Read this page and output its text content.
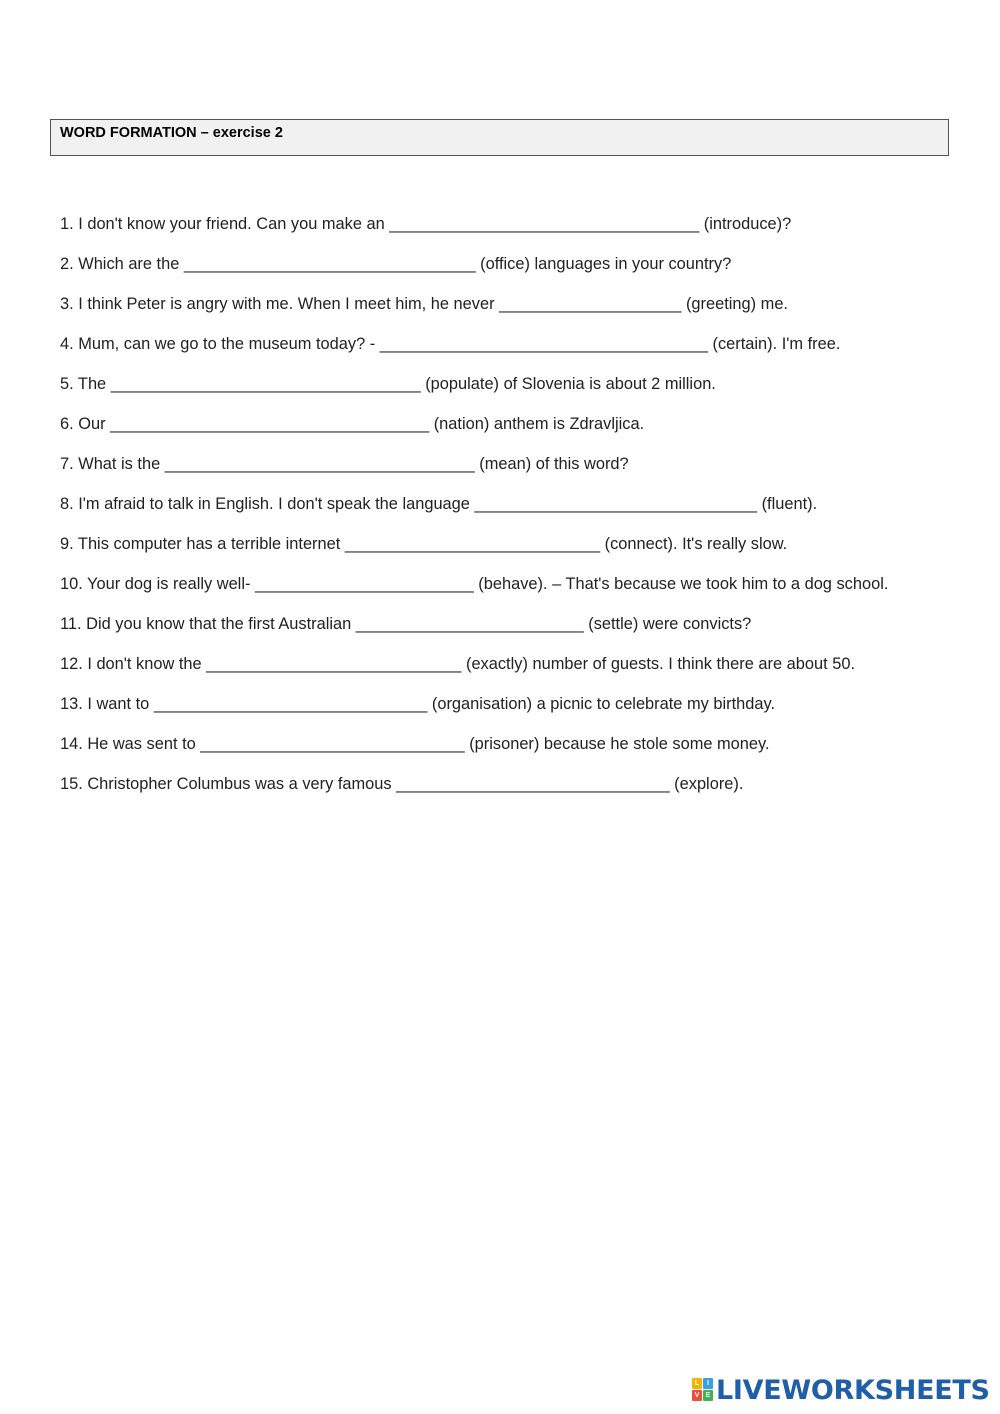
WORD FORMATION – exercise 2
1. I don't know your friend. Can you make an __________________________________ (introduce)?
2. Which are the ________________________________ (office) languages in your country?
3. I think Peter is angry with me. When I meet him, he never ____________________ (greeting) me.
4. Mum, can we go to the museum today? - ____________________________________ (certain). I'm free.
5. The __________________________________ (populate) of Slovenia is about 2 million.
6. Our ___________________________________ (nation) anthem is Zdravljica.
7. What is the __________________________________ (mean) of this word?
8. I'm afraid to talk in English. I don't speak the language _______________________________ (fluent).
9. This computer has a terrible internet ____________________________ (connect). It's really slow.
10. Your dog is really well- ________________________ (behave). – That's because we took him to a dog school.
11. Did you know that the first Australian _________________________ (settle) were convicts?
12. I don't know the ____________________________ (exactly) number of guests. I think there are about 50.
13. I want to ______________________________ (organisation) a picnic to celebrate my birthday.
14. He was sent to _____________________________ (prisoner) because he stole some money.
15. Christopher Columbus was a very famous ______________________________ (explore).
L	I
V E LIVEWORKSHEETS
